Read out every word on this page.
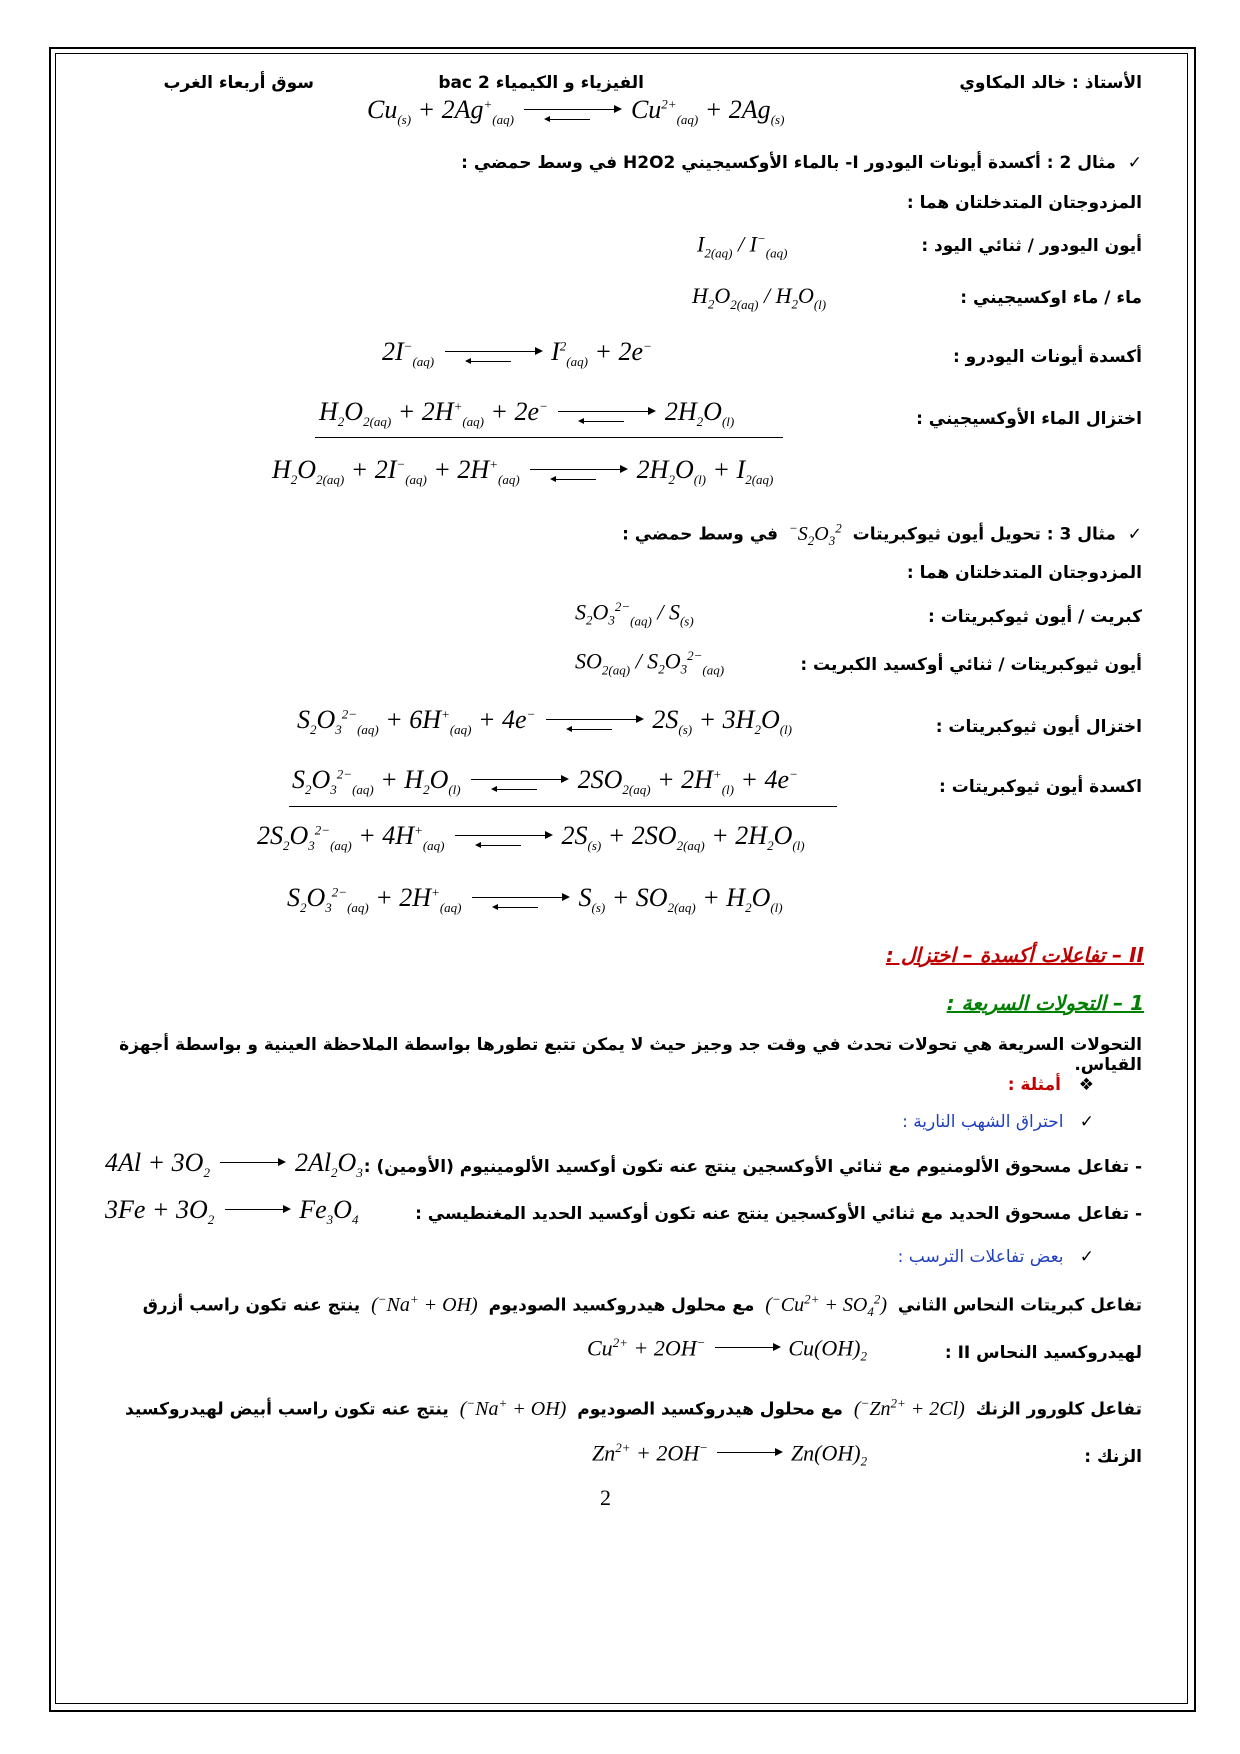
الأستاذ : خالد المكاوي
الفيزياء و الكيمياء 2 bac
سوق أربعاء الغرب
$Cu_{(s)} + 2Ag^+_{(aq)}$	$Cu^{2+}_{(aq)} + 2Ag_{(s)}$
✓  مثال 2 : أكسدة أيونات اليودور I- بالماء الأوكسيجيني H2O2 في وسط حمضي :
المزدوجتان المتدخلتان هما :
أيون اليودور / ثنائي اليود :
$I_{2(aq)} / I^-_{(aq)}$
ماء / ماء اوكسيجيني :
$H_2O_{2(aq)} / H_2O_{(l)}$
أكسدة أيونات اليودرو :
$2I^-_{(aq)}$	$I^2_{(aq)} + 2e^-$
اختزال الماء الأوكسيجيني :
$H_2O_{2(aq)} + 2H^+_{(aq)} + 2e^-$	$2H_2O_{(l)}$
$H_2O_{2(aq)} + 2I^-_{(aq)} + 2H^+_{(aq)}$	$2H_2O_{(l)} + I_{2(aq)}$
✓  مثال 3 : تحويل أيون ثيوكبريتات  $S_2O_3^{2-}$  في وسط حمضي :
المزدوجتان المتدخلتان هما :
كبريت / أيون ثيوكبريتات :
$S_2O_3^{2-}_{(aq)} / S_{(s)}$
أيون ثيوكبريتات / ثنائي أوكسيد الكبريت :
$SO_{2(aq)} / S_2O_3^{2-}_{(aq)}$
اختزال أيون ثيوكبريتات :
$S_2O_3^{2-}_{(aq)} + 6H^+_{(aq)} + 4e^-$	$2S_{(s)} + 3H_2O_{(l)}$
اكسدة أيون ثيوكبريتات :
$S_2O_3^{2-}_{(aq)} + H_2O_{(l)}$	$2SO_{2(aq)} + 2H^+_{(l)} + 4e^-$
$2S_2O_3^{2-}_{(aq)} + 4H^+_{(aq)}$	$2S_{(s)} + 2SO_{2(aq)} + 2H_2O_{(l)}$
$S_2O_3^{2-}_{(aq)} + 2H^+_{(aq)}$	$S_{(s)} + SO_{2(aq)} + H_2O_{(l)}$
II – تفاعلات أكسدة – اختزال :
1 – التحولات السريعة :
التحولات السريعة هي تحولات تحدث في وقت جد وجيز حيث لا يمكن تتبع تطورها بواسطة الملاحظة العينية و بواسطة أجهزة القياس.
❖   أمثلة :
✓   احتراق الشهب النارية :
- تفاعل مسحوق الألومنيوم مع ثنائي الأوكسجين ينتج عنه تكون أوكسيد الألومينيوم (الأومين) :
$4Al + 3O_2$	$2Al_2O_3$
- تفاعل مسحوق الحديد مع ثنائي الأوكسجين ينتج عنه تكون أوكسيد الحديد المغنطيسي :
$3Fe + 3O_2$	$Fe_3O_4$
✓   بعض تفاعلات الترسب :
تفاعل كبريتات النحاس الثاني  $(Cu^{2+} + SO_4^{2-})$  مع محلول هيدروكسيد الصوديوم  (Na+ + OH−)  ينتج عنه تكون راسب أزرق
لهيدروكسيد النحاس II :
$Cu^{2+} + 2OH^-$	$Cu(OH)_2$
تفاعل كلورور الزنك  $(Zn^{2+} + 2Cl^-)$  مع محلول هيدروكسيد الصوديوم  (Na+ + OH−)  ينتج عنه تكون راسب أبيض لهيدروكسيد
الزنك :
$Zn^{2+} + 2OH^-$	$Zn(OH)_2$
2
